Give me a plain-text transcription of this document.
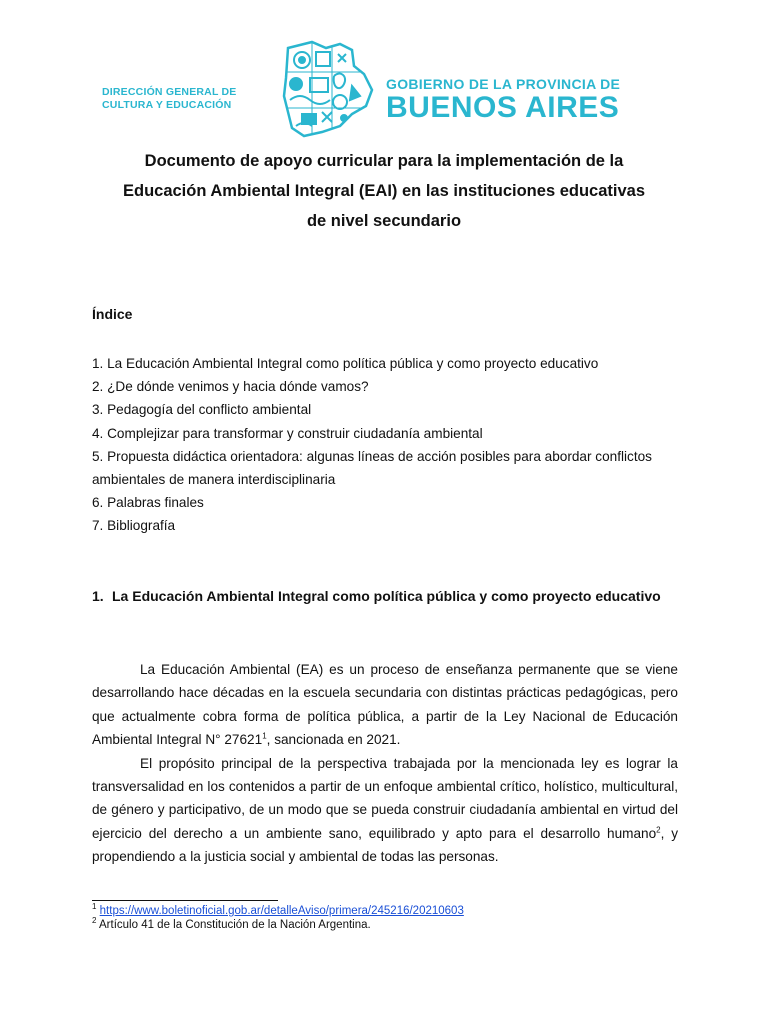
DIRECCIÓN GENERAL DE
CULTURA Y EDUCACIÓN
GOBIERNO DE LA PROVINCIA DE
BUENOS AIRES
Documento de apoyo curricular para la implementación de la
Educación Ambiental Integral (EAI) en las instituciones educativas
de nivel secundario
Índice
1. La Educación Ambiental Integral como política pública y como proyecto educativo
2. ¿De dónde venimos y hacia dónde vamos?
3. Pedagogía del conflicto ambiental
4. Complejizar para transformar y construir ciudadanía ambiental
5. Propuesta didáctica orientadora: algunas líneas de acción posibles para abordar conflictos
ambientales de manera interdisciplinaria
6. Palabras finales
7. Bibliografía
1. La Educación Ambiental Integral como política pública y como proyecto educativo

La Educación Ambiental (EA) es un proceso de enseñanza permanente que se viene desarrollando hace décadas en la escuela secundaria con distintas prácticas pedagógicas, pero que actualmente cobra forma de política pública, a partir de la Ley Nacional de Educación Ambiental Integral N° 27621$^1$, sancionada en 2021.

El propósito principal de la perspectiva trabajada por la mencionada ley es lograr la transversalidad en los contenidos a partir de un enfoque ambiental crítico, holístico, multicultural, de género y participativo, de un modo que se pueda construir ciudadanía ambiental en virtud del ejercicio del derecho a un ambiente sano, equilibrado y apto para el desarrollo humano$^2$, y propendiendo a la justicia social y ambiental de todas las personas.

$^1$ https://www.boletinoficial.gob.ar/detalleAviso/primera/245216/20210603
$^2$ Artículo 41 de la Constitución de la Nación Argentina.
